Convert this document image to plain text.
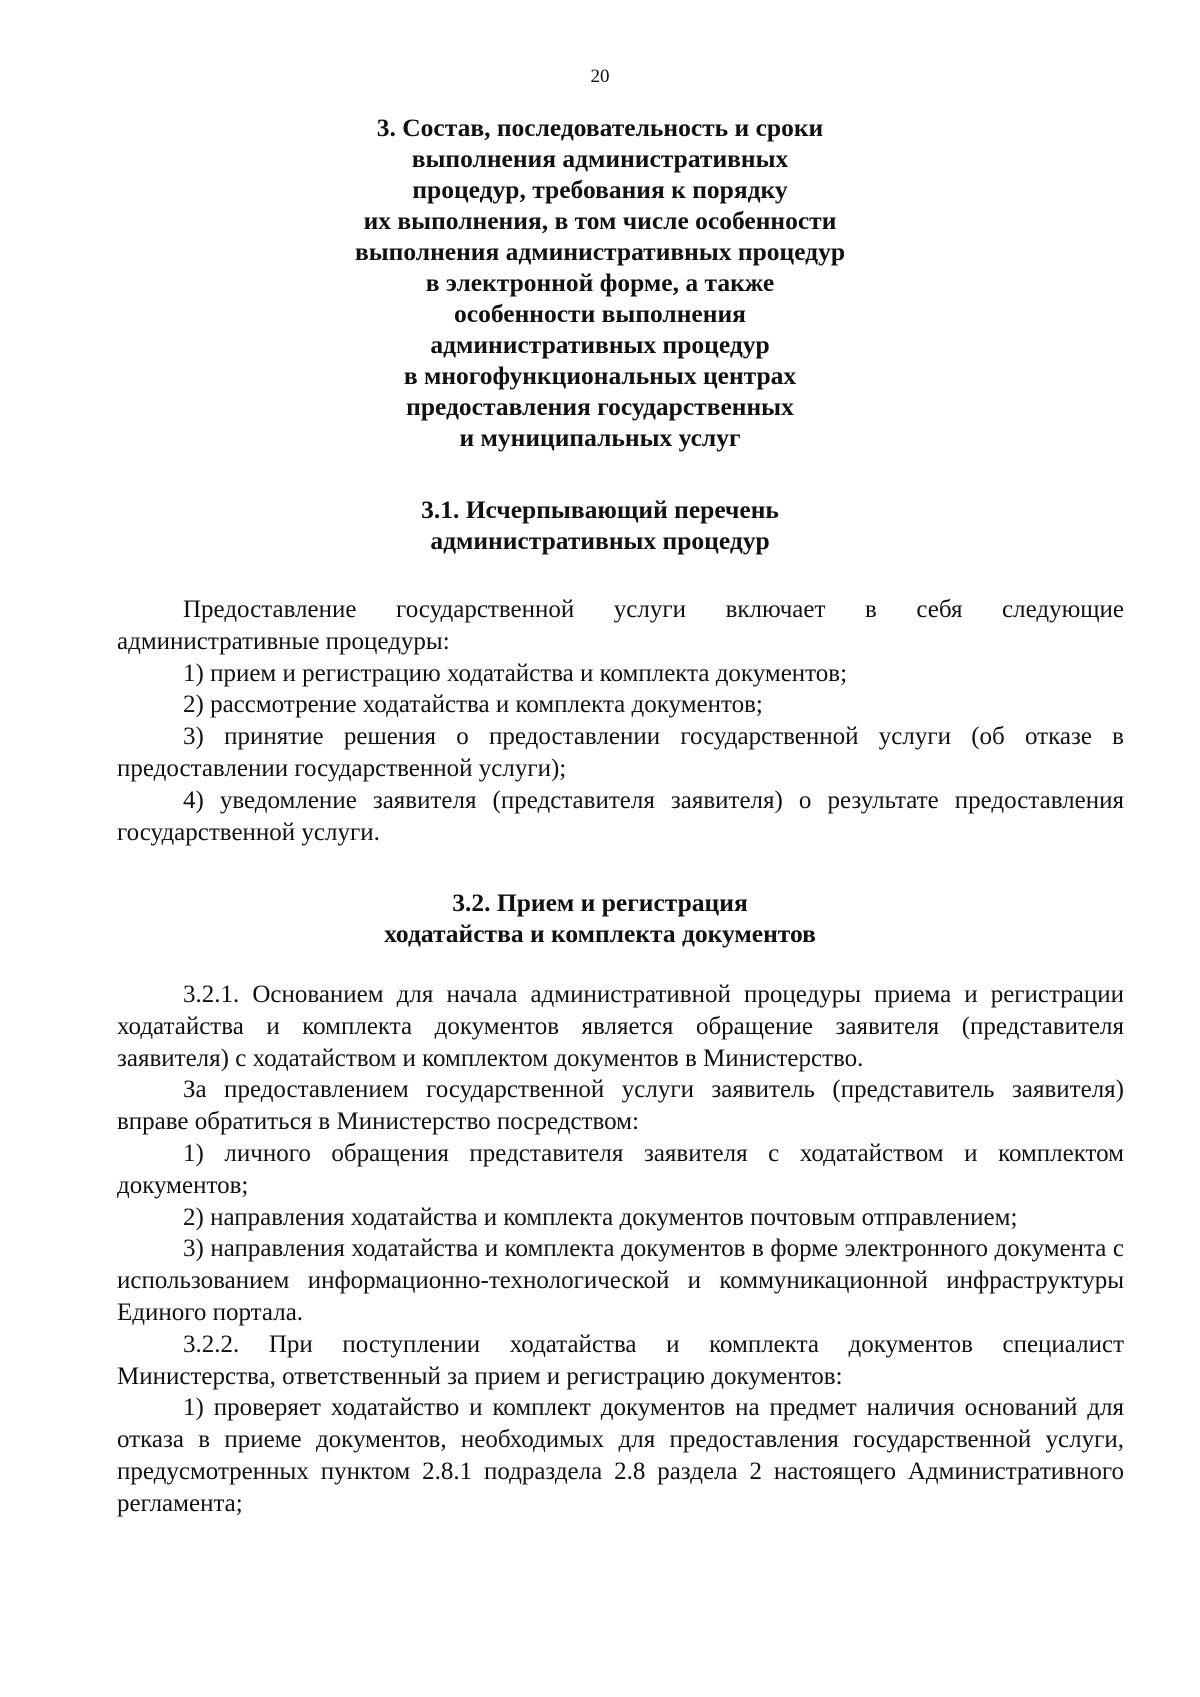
20
3. Состав, последовательность и сроки
выполнения административных
процедур, требования к порядку
их выполнения, в том числе особенности
выполнения административных процедур
в электронной форме, а также
особенности выполнения
административных процедур
в многофункциональных центрах
предоставления государственных
и муниципальных услуг
3.1. Исчерпывающий перечень
административных процедур

Предоставление государственной услуги включает в себя следующие административные процедуры:

1) прием и регистрацию ходатайства и комплекта документов;

2) рассмотрение ходатайства и комплекта документов;

3) принятие решения о предоставлении государственной услуги (об отказе в предоставлении государственной услуги);

4) уведомление заявителя (представителя заявителя) о результате предоставления государственной услуги.

3.2. Прием и регистрация
ходатайства и комплекта документов

3.2.1. Основанием для начала административной процедуры приема и регистрации ходатайства и комплекта документов является обращение заявителя (представителя заявителя) с ходатайством и комплектом документов в Министерство.

За предоставлением государственной услуги заявитель (представитель заявителя) вправе обратиться в Министерство посредством:

1) личного обращения представителя заявителя с ходатайством и комплектом документов;

2) направления ходатайства и комплекта документов почтовым отправлением;

3) направления ходатайства и комплекта документов в форме электронного документа с использованием информационно-технологической и коммуникационной инфраструктуры Единого портала.

3.2.2. При поступлении ходатайства и комплекта документов специалист Министерства, ответственный за прием и регистрацию документов:

1) проверяет ходатайство и комплект документов на предмет наличия оснований для отказа в приеме документов, необходимых для предоставления государственной услуги, предусмотренных пунктом 2.8.1 подраздела 2.8 раздела 2 настоящего Административного регламента;
